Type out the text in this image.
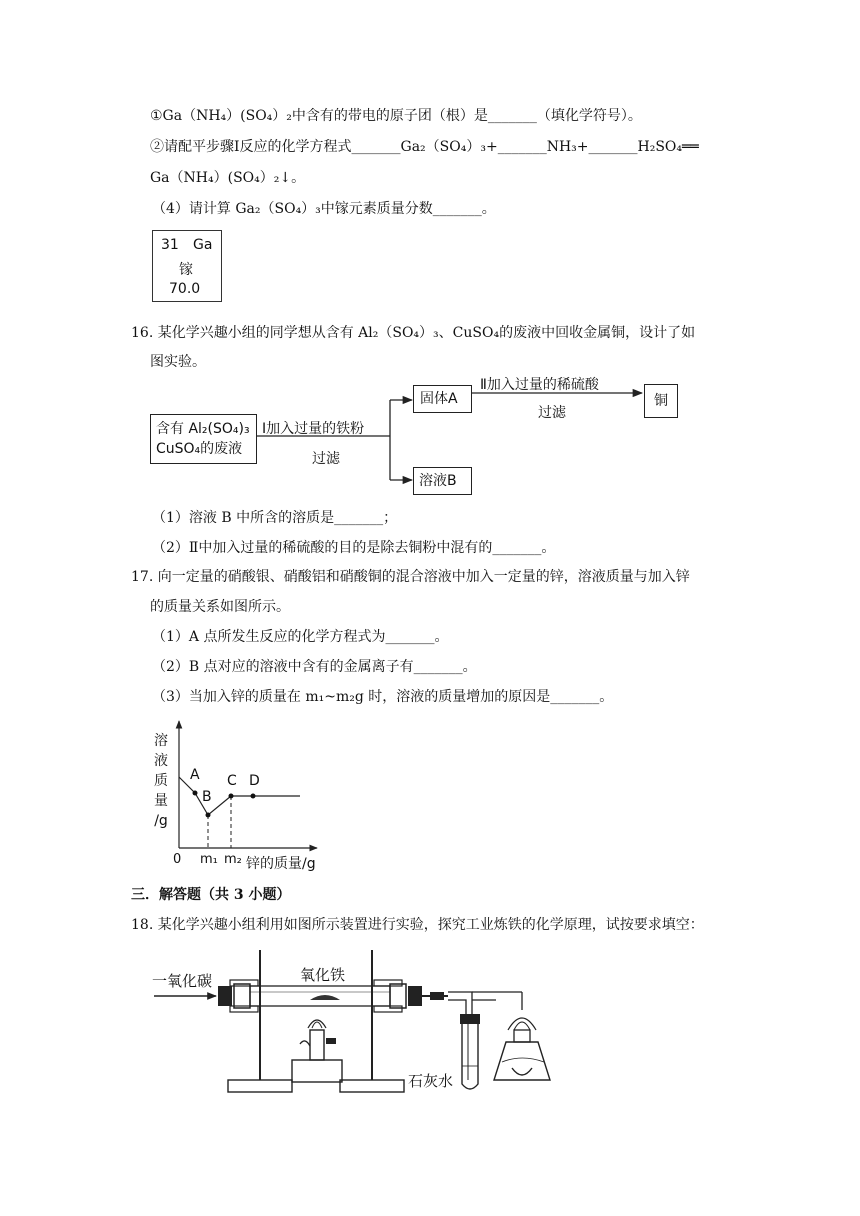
①Ga（NH₄）(SO₄）₂中含有的带电的原子团（根）是_______（填化学符号）。
②请配平步骤Ⅰ反应的化学方程式_______Ga₂（SO₄）₃+_______NH₃+_______H₂SO₄══
Ga（NH₄）(SO₄）₂↓。
（4）请计算 Ga₂（SO₄）₃中镓元素质量分数_______。
31 Ga
镓
70.0
16. 某化学兴趣小组的同学想从含有 Al₂（SO₄）₃、CuSO₄的废液中回收金属铜，设计了如
图实验。
含有 Al₂(SO₄)₃
CuSO₄的废液
Ⅰ加入过量的铁粉
过滤
固体A
溶液B
Ⅱ加入过量的稀硫酸
过滤
铜
（1）溶液 B 中所含的溶质是_______；
（2）Ⅱ中加入过量的稀硫酸的目的是除去铜粉中混有的_______。
17. 向一定量的硝酸银、硝酸铝和硝酸铜的混合溶液中加入一定量的锌，溶液质量与加入锌
的质量关系如图所示。
（1）A 点所发生反应的化学方程式为_______。
（2）B 点对应的溶液中含有的金属离子有_______。
（3）当加入锌的质量在 m₁~m₂g 时，溶液的质量增加的原因是_______。
溶
液
质
量
/g
A
B
C D
0 m₁ m₂ 锌的质量/g
三．解答题（共 3 小题）
18. 某化学兴趣小组利用如图所示装置进行实验，探究工业炼铁的化学原理，试按要求填空：
一氧化碳	氧化铁
石灰水
